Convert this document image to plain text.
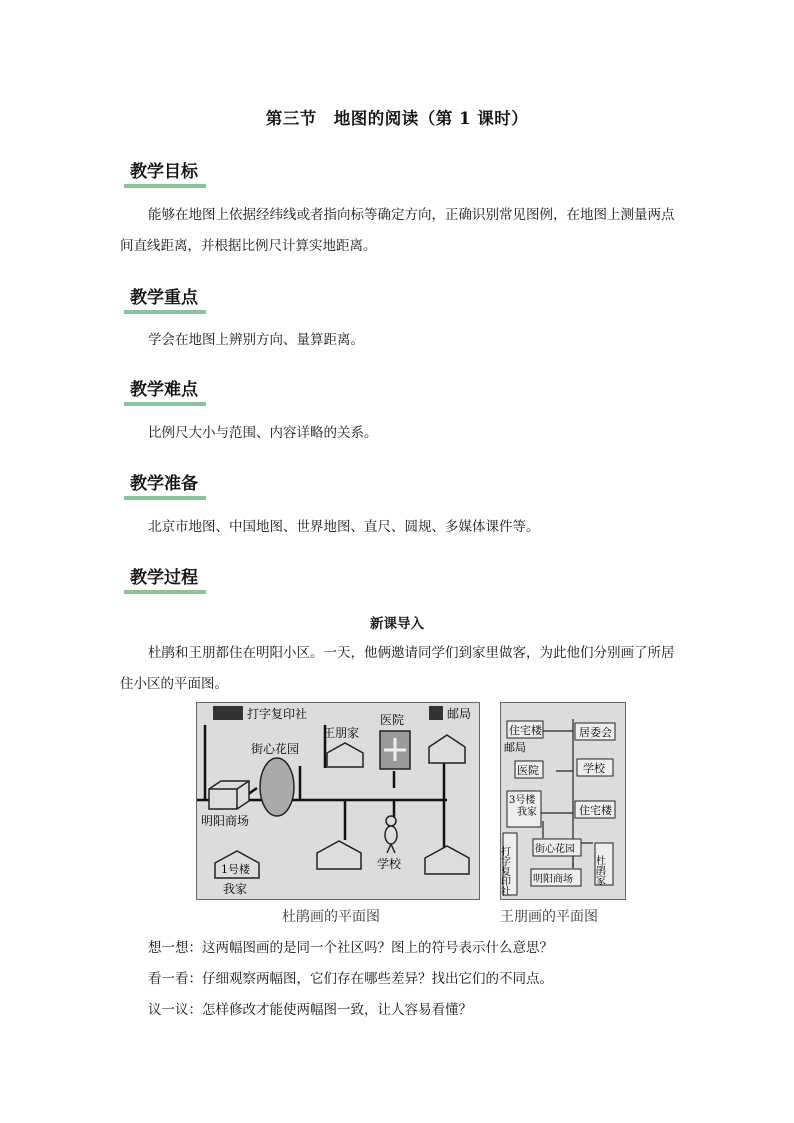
第三节　地图的阅读（第 1 课时）
教学目标

能够在地图上依据经纬线或者指向标等确定方向，正确识别常见图例，在地图上测量两点间直线距离，并根据比例尺计算实地距离。

教学重点

学会在地图上辨别方向、量算距离。

教学难点

比例尺大小与范围、内容详略的关系。

教学准备

北京市地图、中国地图、世界地图、直尺、圆规、多媒体课件等。

教学过程
新课导入

杜鹃和王朋都住在明阳小区。一天，他俩邀请同学们到家里做客，为此他们分别画了所居住小区的平面图。

打字复印社	邮局
医院
王朋家
街心花园
明阳商场
1号楼
我家
学校
住宅楼
邮局
居委会
医院	学校
3号楼
我家	住宅楼
打字复印社	街心花园
杜鹃家
明阳商场
杜鹃画的平面图	王朋画的平面图
想一想：这两幅图画的是同一个社区吗？图上的符号表示什么意思？
看一看：仔细观察两幅图，它们存在哪些差异？找出它们的不同点。
议一议：怎样修改才能使两幅图一致，让人容易看懂？
